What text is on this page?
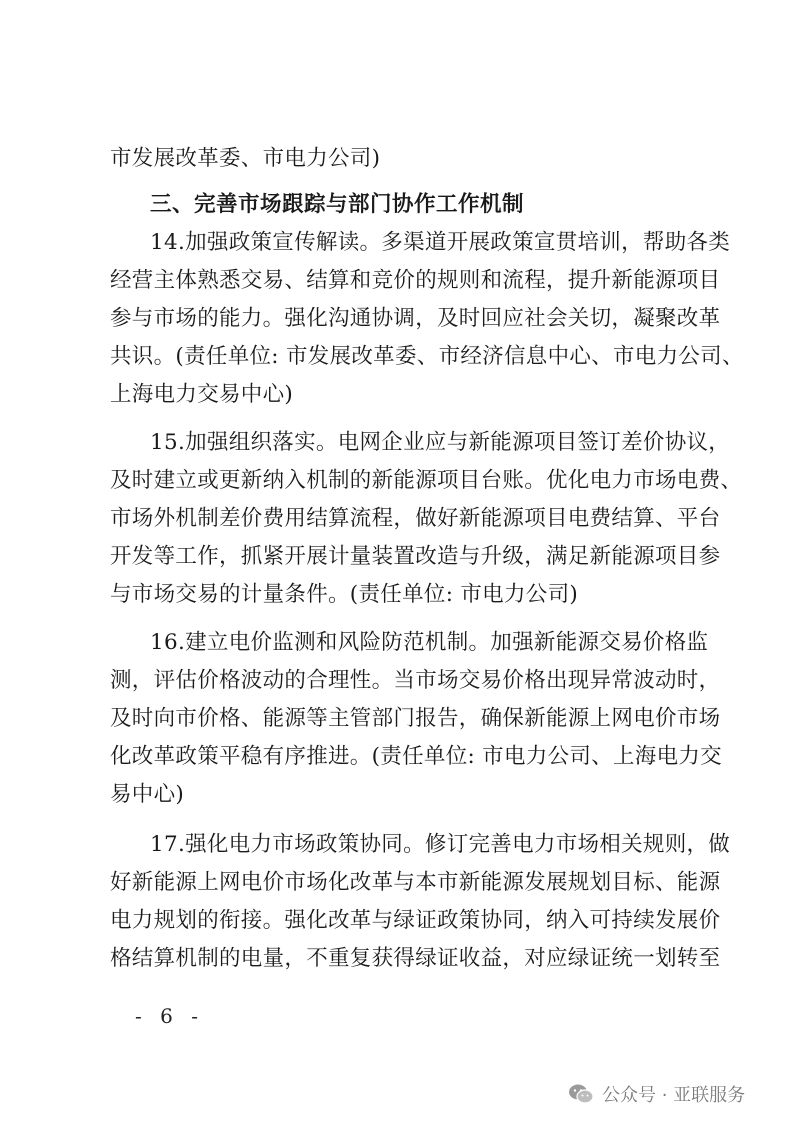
市发展改革委、市电力公司)

三、完善市场跟踪与部门协作工作机制

14.加强政策宣传解读。多渠道开展政策宣贯培训，帮助各类
经营主体熟悉交易、结算和竞价的规则和流程，提升新能源项目
参与市场的能力。强化沟通协调，及时回应社会关切，凝聚改革
共识。(责任单位: 市发展改革委、市经济信息中心、市电力公司、
上海电力交易中心)

15.加强组织落实。电网企业应与新能源项目签订差价协议，
及时建立或更新纳入机制的新能源项目台账。优化电力市场电费、
市场外机制差价费用结算流程，做好新能源项目电费结算、平台
开发等工作，抓紧开展计量装置改造与升级，满足新能源项目参
与市场交易的计量条件。(责任单位: 市电力公司)

16.建立电价监测和风险防范机制。加强新能源交易价格监
测，评估价格波动的合理性。当市场交易价格出现异常波动时，
及时向市价格、能源等主管部门报告，确保新能源上网电价市场
化改革政策平稳有序推进。(责任单位: 市电力公司、上海电力交
易中心)

17.强化电力市场政策协同。修订完善电力市场相关规则，做
好新能源上网电价市场化改革与本市新能源发展规划目标、能源
电力规划的衔接。强化改革与绿证政策协同，纳入可持续发展价
格结算机制的电量，不重复获得绿证收益，对应绿证统一划转至

- 6 -
公众号 · 亚联服务
